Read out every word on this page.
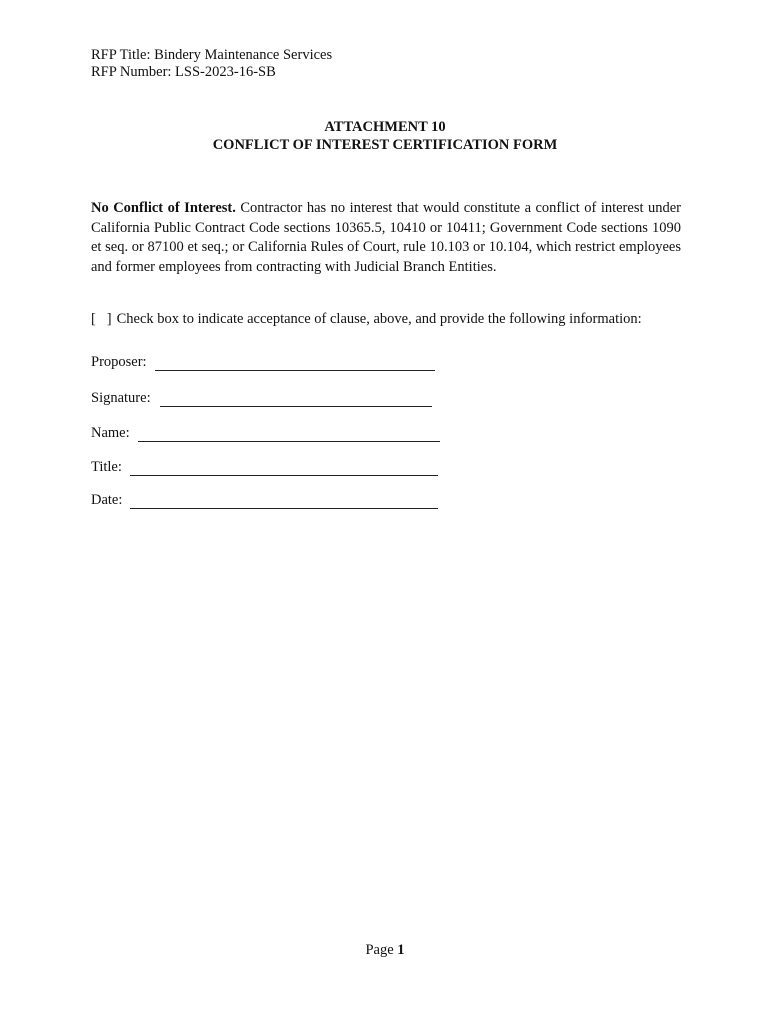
RFP Title: Bindery Maintenance Services
RFP Number: LSS-2023-16-SB
ATTACHMENT 10
CONFLICT OF INTEREST CERTIFICATION FORM
No Conflict of Interest. Contractor has no interest that would constitute a conflict of interest under California Public Contract Code sections 10365.5, 10410 or 10411; Government Code sections 1090 et seq. or 87100 et seq.; or California Rules of Court, rule 10.103 or 10.104, which restrict employees and former employees from contracting with Judicial Branch Entities.
[   ] Check box to indicate acceptance of clause, above, and provide the following information:
Proposer:
Signature:
Name:
Title:
Date:
Page 1
